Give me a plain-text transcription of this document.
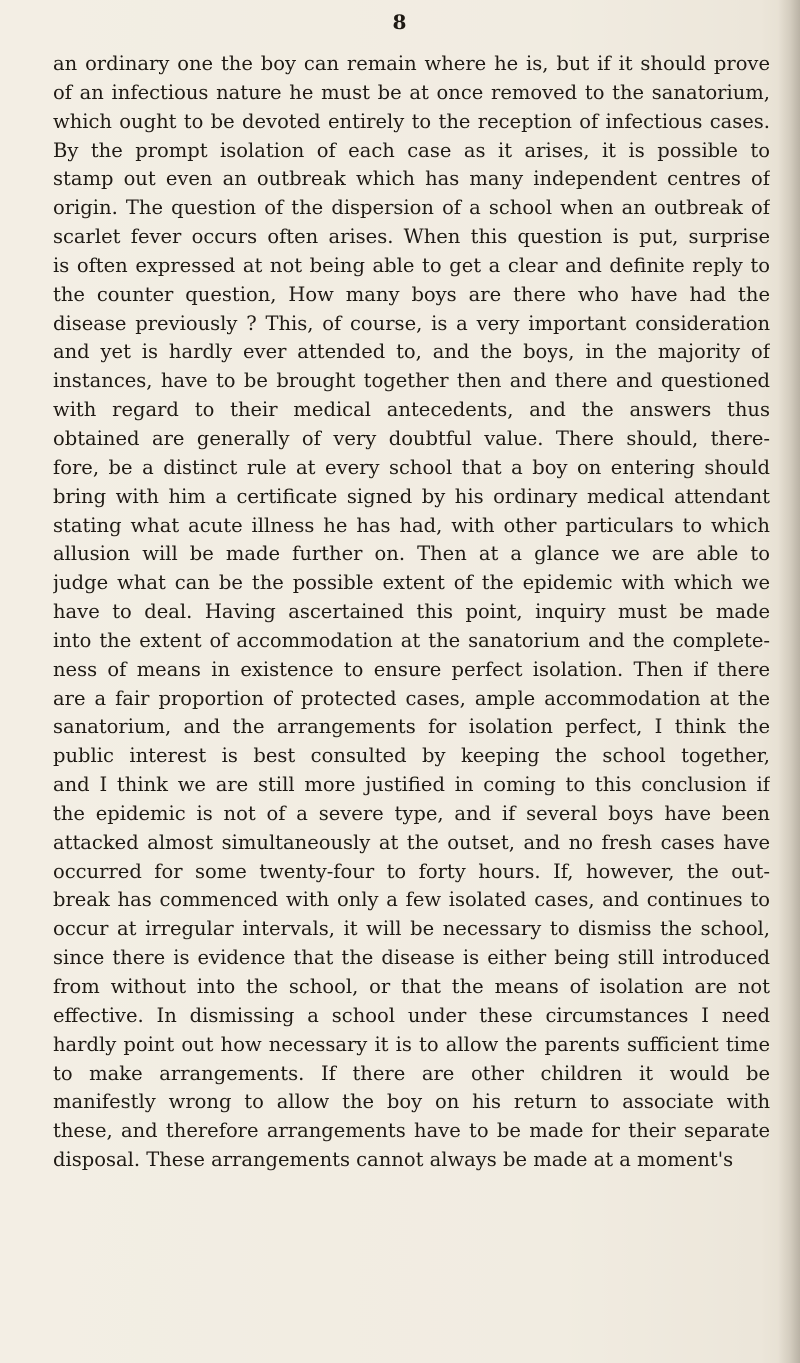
8
an ordinary one the boy can remain where he is, but if it should prove
of an infectious nature he must be at once removed to the sanatorium,
which ought to be devoted entirely to the reception of infectious cases.
By the prompt isolation of each case as it arises, it is possible to
stamp out even an outbreak which has many independent centres of
origin. The question of the dispersion of a school when an outbreak of
scarlet fever occurs often arises. When this question is put, surprise
is often expressed at not being able to get a clear and definite reply to
the counter question, How many boys are there who have had the
disease previously ? This, of course, is a very important consideration
and yet is hardly ever attended to, and the boys, in the majority of
instances, have to be brought together then and there and questioned
with regard to their medical antecedents, and the answers thus
obtained are generally of very doubtful value. There should, there-
fore, be a distinct rule at every school that a boy on entering should
bring with him a certificate signed by his ordinary medical attendant
stating what acute illness he has had, with other particulars to which
allusion will be made further on. Then at a glance we are able to
judge what can be the possible extent of the epidemic with which we
have to deal. Having ascertained this point, inquiry must be made
into the extent of accommodation at the sanatorium and the complete-
ness of means in existence to ensure perfect isolation. Then if there
are a fair proportion of protected cases, ample accommodation at the
sanatorium, and the arrangements for isolation perfect, I think the
public interest is best consulted by keeping the school together,
and I think we are still more justified in coming to this conclusion if
the epidemic is not of a severe type, and if several boys have been
attacked almost simultaneously at the outset, and no fresh cases have
occurred for some twenty-four to forty hours. If, however, the out-
break has commenced with only a few isolated cases, and continues to
occur at irregular intervals, it will be necessary to dismiss the school,
since there is evidence that the disease is either being still introduced
from without into the school, or that the means of isolation are not
effective. In dismissing a school under these circumstances I need
hardly point out how necessary it is to allow the parents sufficient time
to make arrangements. If there are other children it would be
manifestly wrong to allow the boy on his return to associate with
these, and therefore arrangements have to be made for their separate
disposal. These arrangements cannot always be made at a moment's
